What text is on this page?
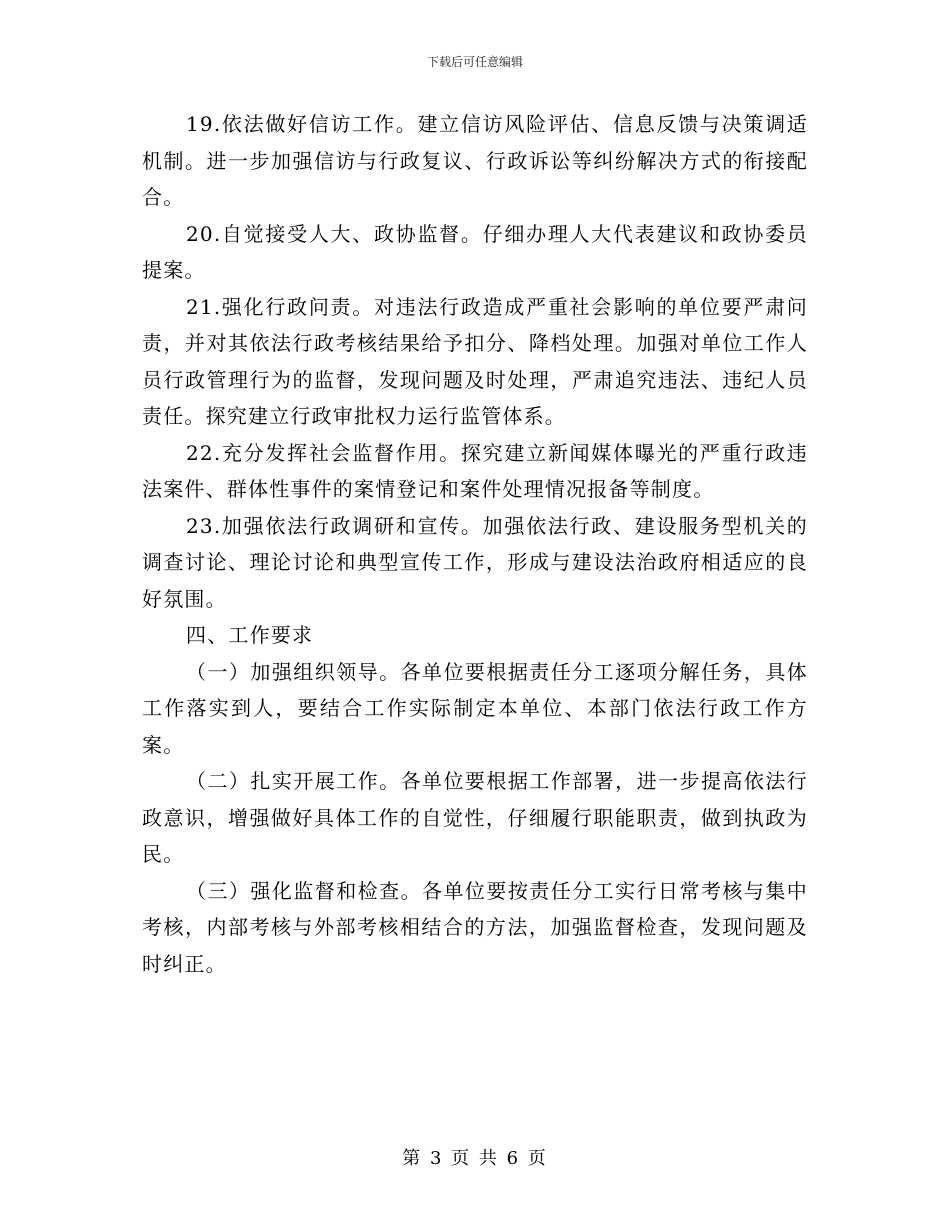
下载后可任意编辑

19.依法做好信访工作。建立信访风险评估、信息反馈与决策调适机制。进一步加强信访与行政复议、行政诉讼等纠纷解决方式的衔接配合。

20.自觉接受人大、政协监督。仔细办理人大代表建议和政协委员提案。

21.强化行政问责。对违法行政造成严重社会影响的单位要严肃问责，并对其依法行政考核结果给予扣分、降档处理。加强对单位工作人员行政管理行为的监督，发现问题及时处理，严肃追究违法、违纪人员责任。探究建立行政审批权力运行监管体系。

22.充分发挥社会监督作用。探究建立新闻媒体曝光的严重行政违法案件、群体性事件的案情登记和案件处理情况报备等制度。

23.加强依法行政调研和宣传。加强依法行政、建设服务型机关的调查讨论、理论讨论和典型宣传工作，形成与建设法治政府相适应的良好氛围。

四、工作要求

（一）加强组织领导。各单位要根据责任分工逐项分解任务，具体工作落实到人，要结合工作实际制定本单位、本部门依法行政工作方案。

（二）扎实开展工作。各单位要根据工作部署，进一步提高依法行政意识，增强做好具体工作的自觉性，仔细履行职能职责，做到执政为民。

（三）强化监督和检查。各单位要按责任分工实行日常考核与集中考核，内部考核与外部考核相结合的方法，加强监督检查，发现问题及时纠正。

第 3 页 共 6 页
